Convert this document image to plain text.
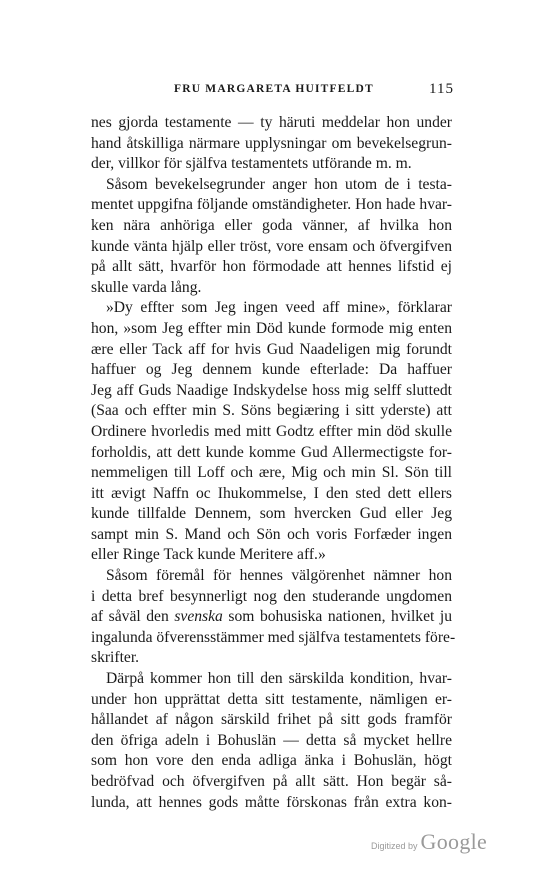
FRU MARGARETA HUITFELDT	115
nes gjorda testamente — ty häruti meddelar hon under
hand åtskilliga närmare upplysningar om bevekelsegrun-
der, villkor för själfva testamentets utförande m. m.
Såsom bevekelsegrunder anger hon utom de i testa-
mentet uppgifna följande omständigheter. Hon hade hvar-
ken nära anhöriga eller goda vänner, af hvilka hon
kunde vänta hjälp eller tröst, vore ensam och öfvergifven
på allt sätt, hvarför hon förmodade att hennes lifstid ej
skulle varda lång.
»Dy effter som Jeg ingen veed aff mine», förklarar
hon, »som Jeg effter min Död kunde formode mig enten
ære eller Tack aff for hvis Gud Naadeligen mig forundt
haffuer og Jeg dennem kunde efterlade: Da haffuer
Jeg aff Guds Naadige Indskydelse hoss mig selff sluttedt
(Saa och effter min S. Söns begiæring i sitt yderste) att
Ordinere hvorledis med mitt Godtz effter min död skulle
forholdis, att dett kunde komme Gud Allermectigste for-
nemmeligen till Loff och ære, Mig och min Sl. Sön till
itt ævigt Naffn oc Ihukommelse, I den sted dett ellers
kunde tillfalde Dennem, som hvercken Gud eller Jeg
sampt min S. Mand och Sön och voris Forfæder ingen
eller Ringe Tack kunde Meritere aff.»
Såsom föremål för hennes välgörenhet nämner hon
i detta bref besynnerligt nog den studerande ungdomen
af såväl den svenska som bohusiska nationen, hvilket ju
ingalunda öfverensstämmer med själfva testamentets före-
skrifter.
Därpå kommer hon till den särskilda kondition, hvar-
under hon upprättat detta sitt testamente, nämligen er-
hållandet af någon särskild frihet på sitt gods framför
den öfriga adeln i Bohuslän — detta så mycket hellre
som hon vore den enda adliga änka i Bohuslän, högt
bedröfvad och öfvergifven på allt sätt. Hon begär så-
lunda, att hennes gods måtte förskonas från extra kon-
Digitized by Google
